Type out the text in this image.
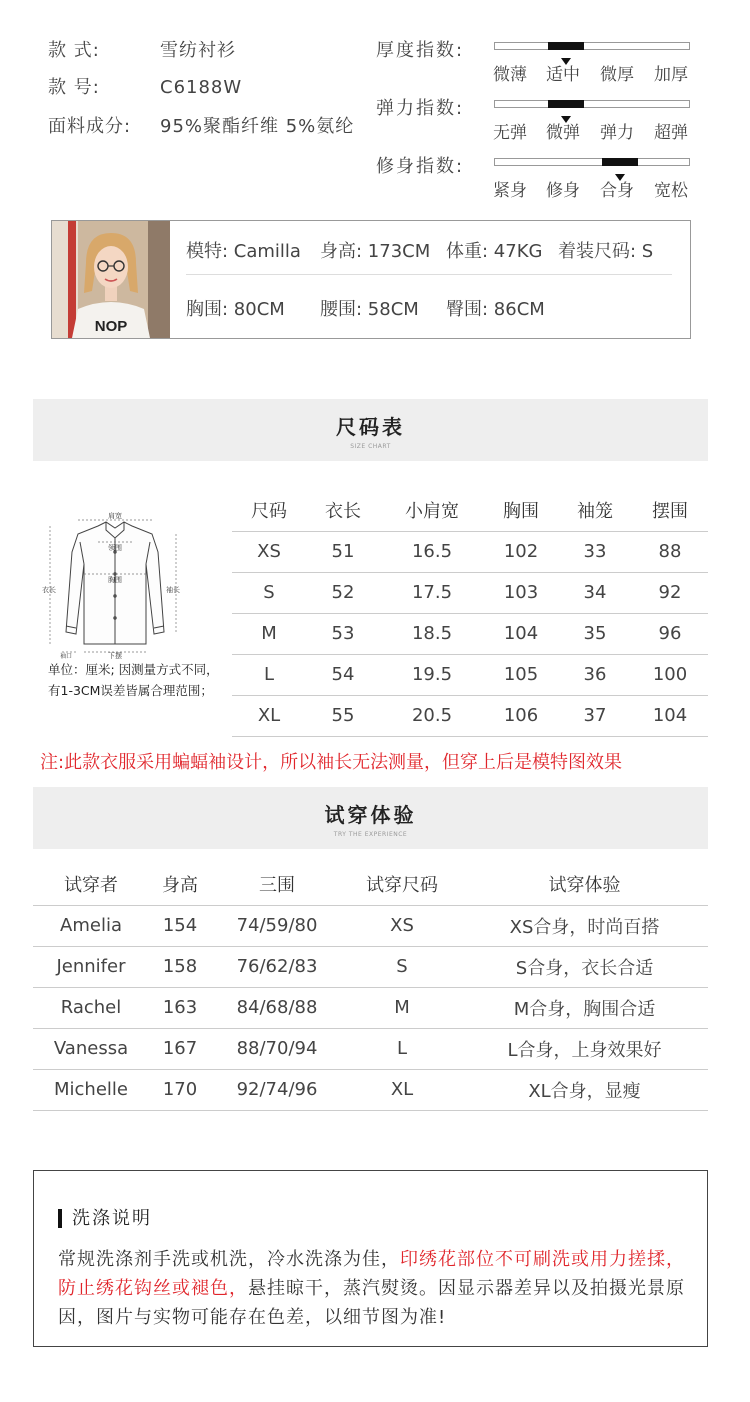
款 式:	雪纺衬衫
款 号:	C6188W
面料成分: 95%聚酯纤维 5%氨纶
厚度指数:
微薄 适中 微厚 加厚
弹力指数:
无弹 微弹 弹力 超弹
修身指数:
紧身 修身 合身 宽松
NOP
模特: Camilla 身高: 173CM 体重: 47KG 着装尺码: S
胸围: 80CM 腰围: 58CM 臀围: 86CM
尺码表
SIZE CHART
肩宽
领围
胸围
衣长	袖长
下摆
袖口
单位：厘米; 因测量方式不同，有1-3CM误差皆属合理范围；
尺码	衣长	小肩宽	胸围	袖笼	摆围
XS	51	16.5	102	33	88
S	52	17.5	103	34	92
M	53	18.5	104	35	96
L	54	19.5	105	36	100
XL	55	20.5	106	37	104
注:此款衣服采用蝙蝠袖设计，所以袖长无法测量，但穿上后是模特图效果
试穿体验
TRY THE EXPERIENCE
试穿者	身高	三围	试穿尺码	试穿体验
Amelia	154	74/59/80	XS	XS合身，时尚百搭
Jennifer	158	76/62/83	S	S合身，衣长合适
Rachel	163	84/68/88	M	M合身，胸围合适
Vanessa	167	88/70/94	L	L合身，上身效果好
Michelle	170	92/74/96	XL	XL合身，显瘦
洗涤说明
常规洗涤剂手洗或机洗，冷水洗涤为佳，印绣花部位不可刷洗或用力搓揉，防止绣花钩丝或褪色，悬挂晾干，蒸汽熨烫。因显示器差异以及拍摄光景原因，图片与实物可能存在色差，以细节图为准!
